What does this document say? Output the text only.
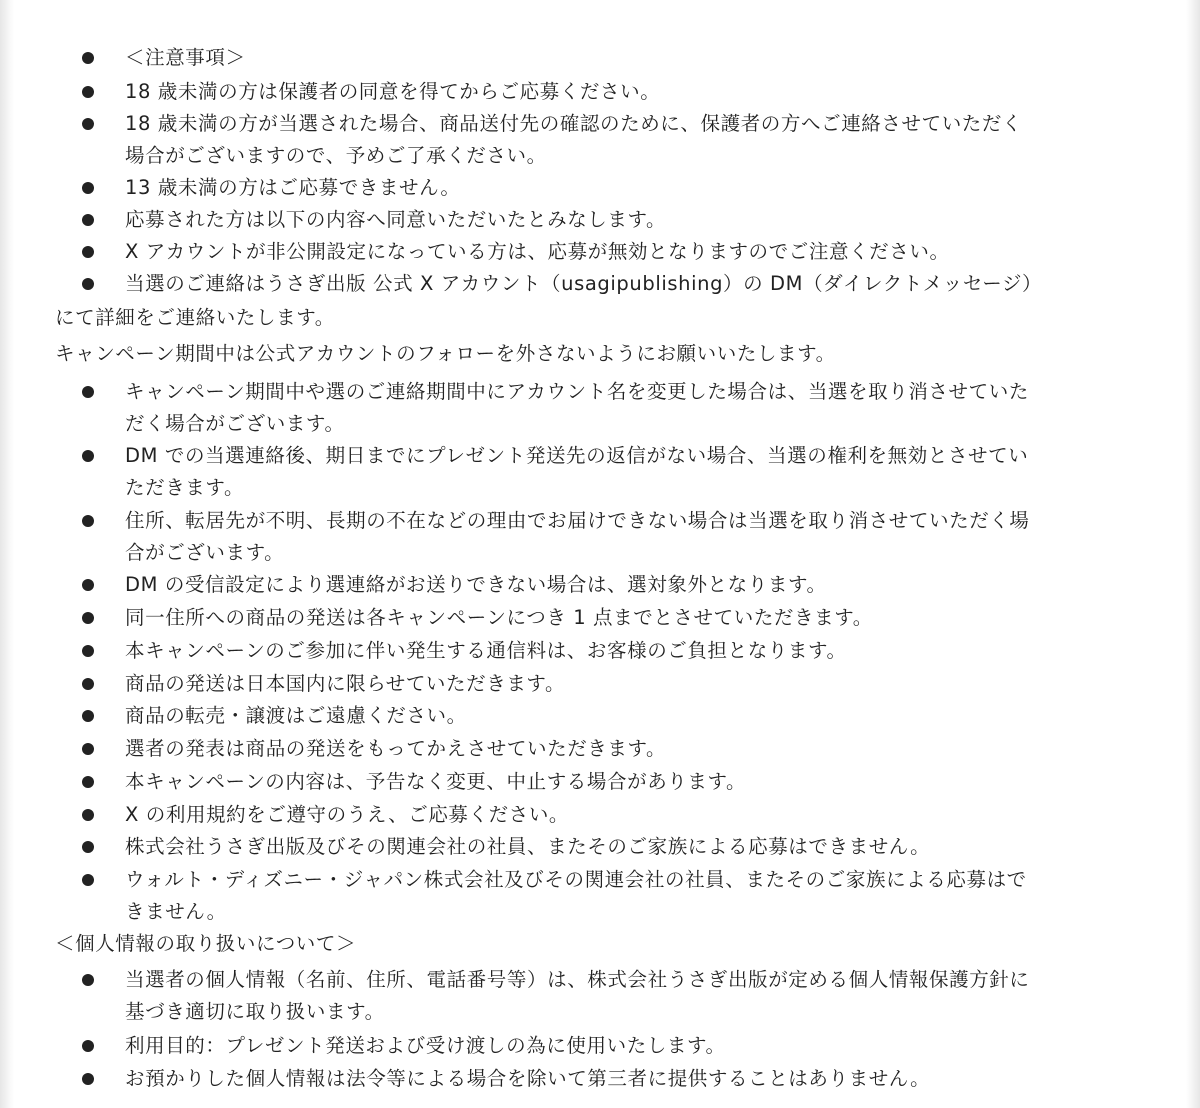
＜注意事項＞
18 歳未満の方は保護者の同意を得てからご応募ください。
18 歳未満の方が当選された場合、商品送付先の確認のために、保護者の方へご連絡させていただく
場合がございますので、予めご了承ください。
13 歳未満の方はご応募できません。
応募された方は以下の内容へ同意いただいたとみなします。
X アカウントが非公開設定になっている方は、応募が無効となりますのでご注意ください。
当選のご連絡はうさぎ出版 公式 X アカウント（usagipublishing）の DM（ダイレクトメッセージ）
にて詳細をご連絡いたします。
キャンペーン期間中は公式アカウントのフォローを外さないようにお願いいたします。
キャンペーン期間中や選のご連絡期間中にアカウント名を変更した場合は、当選を取り消させていた
だく場合がございます。
DM での当選連絡後、期日までにプレゼント発送先の返信がない場合、当選の権利を無効とさせてい
ただきます。
住所、転居先が不明、長期の不在などの理由でお届けできない場合は当選を取り消させていただく場
合がございます。
DM の受信設定により選連絡がお送りできない場合は、選対象外となります。
同一住所への商品の発送は各キャンペーンにつき 1 点までとさせていただきます。
本キャンペーンのご参加に伴い発生する通信料は、お客様のご負担となります。
商品の発送は日本国内に限らせていただきます。
商品の転売・譲渡はご遠慮ください。
選者の発表は商品の発送をもってかえさせていただきます。
本キャンペーンの内容は、予告なく変更、中止する場合があります。
X の利用規約をご遵守のうえ、ご応募ください。
株式会社うさぎ出版及びその関連会社の社員、またそのご家族による応募はできません。
ウォルト・ディズニー・ジャパン株式会社及びその関連会社の社員、またそのご家族による応募はで
きません。
＜個人情報の取り扱いについて＞
当選者の個人情報（名前、住所、電話番号等）は、株式会社うさぎ出版が定める個人情報保護方針に
基づき適切に取り扱います。
利用目的：プレゼント発送および受け渡しの為に使用いたします。
お預かりした個人情報は法令等による場合を除いて第三者に提供することはありません。
